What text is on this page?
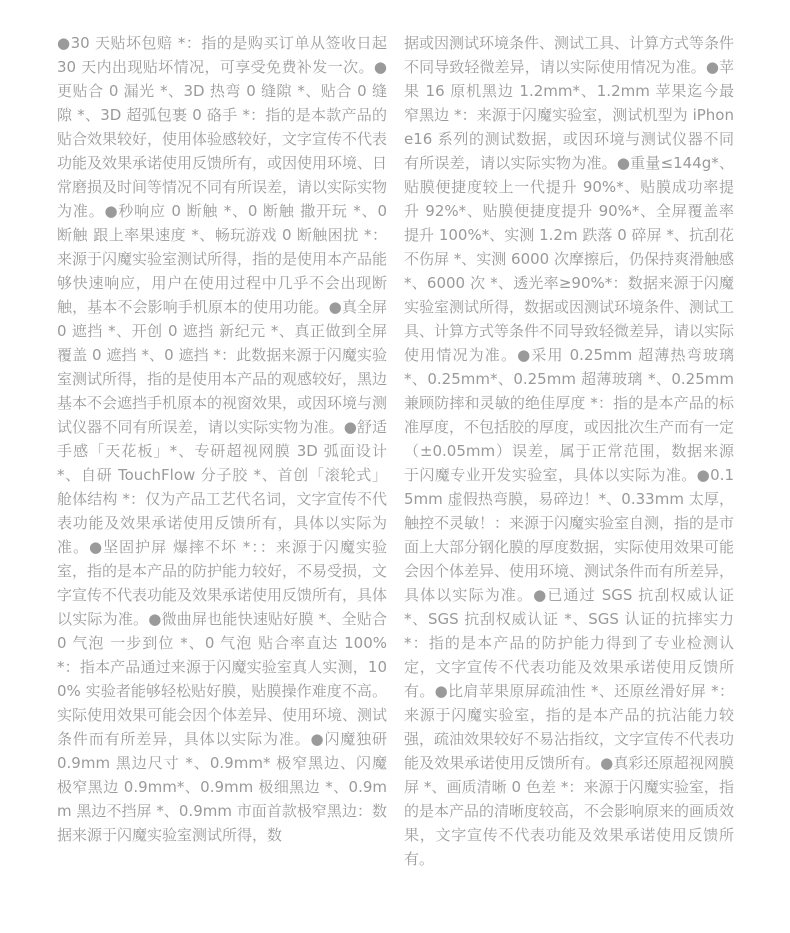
●30 天贴坏包赔 *：指的是购买订单从签收日起 30 天内出现贴坏情况，可享受免费补发一次。●更贴合 0 漏光 *、3D 热弯 0 缝隙 *、贴合 0 缝隙 *、3D 超弧包裹 0 硌手 *：指的是本款产品的贴合效果较好，使用体验感较好，文字宣传不代表功能及效果承诺使用反馈所有，或因使用环境、日常磨损及时间等情况不同有所误差，请以实际实物为准。●秒响应 0 断触 *、0 断触 撒开玩 *、0 断触 跟上率果速度 *、畅玩游戏 0 断触困扰 *：来源于闪魔实验室测试所得，指的是使用本产品能够快速响应，用户在使用过程中几乎不会出现断触，基本不会影响手机原本的使用功能。●真全屏 0 遮挡 *、开创 0 遮挡 新纪元 *、真正做到全屏覆盖 0 遮挡 *、0 遮挡 *：此数据来源于闪魔实验室测试所得，指的是使用本产品的观感较好，黑边基本不会遮挡手机原本的视窗效果，或因环境与测试仪器不同有所误差，请以实际实物为准。●舒适手感「天花板」*、专研超视网膜 3D 弧面设计 *、自研 TouchFlow 分子胶 *、首创「滚轮式」舱体结构 *：仅为产品工艺代名词，文字宣传不代表功能及效果承诺使用反馈所有，具体以实际为准。●坚固护屏 爆摔不坏 *：：来源于闪魔实验室，指的是本产品的防护能力较好，不易受损，文字宣传不代表功能及效果承诺使用反馈所有，具体以实际为准。●微曲屏也能快速贴好膜 *、全贴合 0 气泡 一步到位 *、0 气泡 贴合率直达 100%*：指本产品通过来源于闪魔实验室真人实测，100% 实验者能够轻松贴好膜，贴膜操作难度不高。实际使用效果可能会因个体差异、使用环境、测试条件而有所差异，具体以实际为准。●闪魔独研 0.9mm 黑边尺寸 *、0.9mm* 极窄黑边、闪魔极窄黑边 0.9mm*、0.9mm 极细黑边 *、0.9mm 黑边不挡屏 *、0.9mm 市面首款极窄黑边：数据来源于闪魔实验室测试所得，数

据或因测试环境条件、测试工具、计算方式等条件不同导致轻微差异，请以实际使用情况为准。●苹果 16 原机黑边 1.2mm*、1.2mm 苹果迄今最窄黑边 *：来源于闪魔实验室，测试机型为 iPhone16 系列的测试数据，或因环境与测试仪器不同有所误差，请以实际实物为准。●重量≤144g*、贴膜便捷度较上一代提升 90%*、贴膜成功率提升 92%*、贴膜便捷度提升 90%*、全屏覆盖率提升 100%*、实测 1.2m 跌落 0 碎屏 *、抗刮花 不伤屏 *、实测 6000 次摩擦后，仍保持爽滑触感 *、6000 次 *、透光率≥90%*：数据来源于闪魔实验室测试所得，数据或因测试环境条件、测试工具、计算方式等条件不同导致轻微差异，请以实际使用情况为准。●采用 0.25mm 超薄热弯玻璃 *、0.25mm*、0.25mm 超薄玻璃 *、0.25mm 兼顾防摔和灵敏的绝佳厚度 *：指的是本产品的标准厚度，不包括胶的厚度，或因批次生产而有一定（±0.05mm）误差，属于正常范围，数据来源于闪魔专业开发实验室，具体以实际为准。●0.15mm 虚假热弯膜，易碎边！*、0.33mm 太厚，触控不灵敏！：来源于闪魔实验室自测，指的是市面上大部分钢化膜的厚度数据，实际使用效果可能会因个体差异、使用环境、测试条件而有所差异，具体以实际为准。●已通过 SGS 抗刮权威认证 *、SGS 抗刮权威认证 *、SGS 认证的抗摔实力 *：指的是本产品的防护能力得到了专业检测认定，文字宣传不代表功能及效果承诺使用反馈所有。●比肩苹果原屏疏油性 *、还原丝滑好屏 *：来源于闪魔实验室，指的是本产品的抗沾能力较强，疏油效果较好不易沾指纹，文字宣传不代表功能及效果承诺使用反馈所有。●真彩还原超视网膜屏 *、画质清晰 0 色差 *：来源于闪魔实验室，指的是本产品的清晰度较高，不会影响原来的画质效果，文字宣传不代表功能及效果承诺使用反馈所有。
